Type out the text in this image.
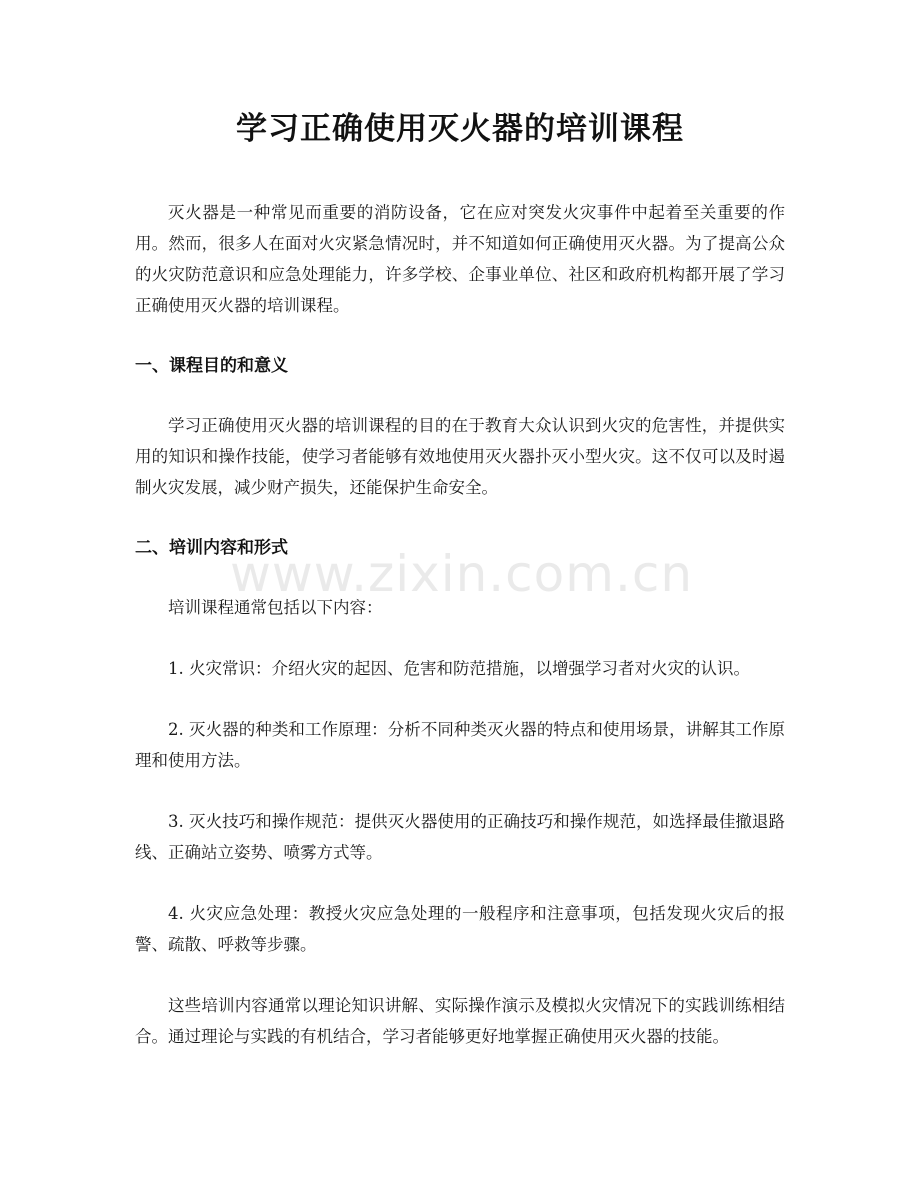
学习正确使用灭火器的培训课程

灭火器是一种常见而重要的消防设备，它在应对突发火灾事件中起着至关重要的作用。然而，很多人在面对火灾紧急情况时，并不知道如何正确使用灭火器。为了提高公众的火灾防范意识和应急处理能力，许多学校、企事业单位、社区和政府机构都开展了学习正确使用灭火器的培训课程。

一、课程目的和意义

学习正确使用灭火器的培训课程的目的在于教育大众认识到火灾的危害性，并提供实用的知识和操作技能，使学习者能够有效地使用灭火器扑灭小型火灾。这不仅可以及时遏制火灾发展，减少财产损失，还能保护生命安全。

二、培训内容和形式

培训课程通常包括以下内容：

1. 火灾常识：介绍火灾的起因、危害和防范措施，以增强学习者对火灾的认识。

2. 灭火器的种类和工作原理：分析不同种类灭火器的特点和使用场景，讲解其工作原理和使用方法。

3. 灭火技巧和操作规范：提供灭火器使用的正确技巧和操作规范，如选择最佳撤退路线、正确站立姿势、喷雾方式等。

4. 火灾应急处理：教授火灾应急处理的一般程序和注意事项，包括发现火灾后的报警、疏散、呼救等步骤。

这些培训内容通常以理论知识讲解、实际操作演示及模拟火灾情况下的实践训练相结合。通过理论与实践的有机结合，学习者能够更好地掌握正确使用灭火器的技能。

www.zixin.com.cn
